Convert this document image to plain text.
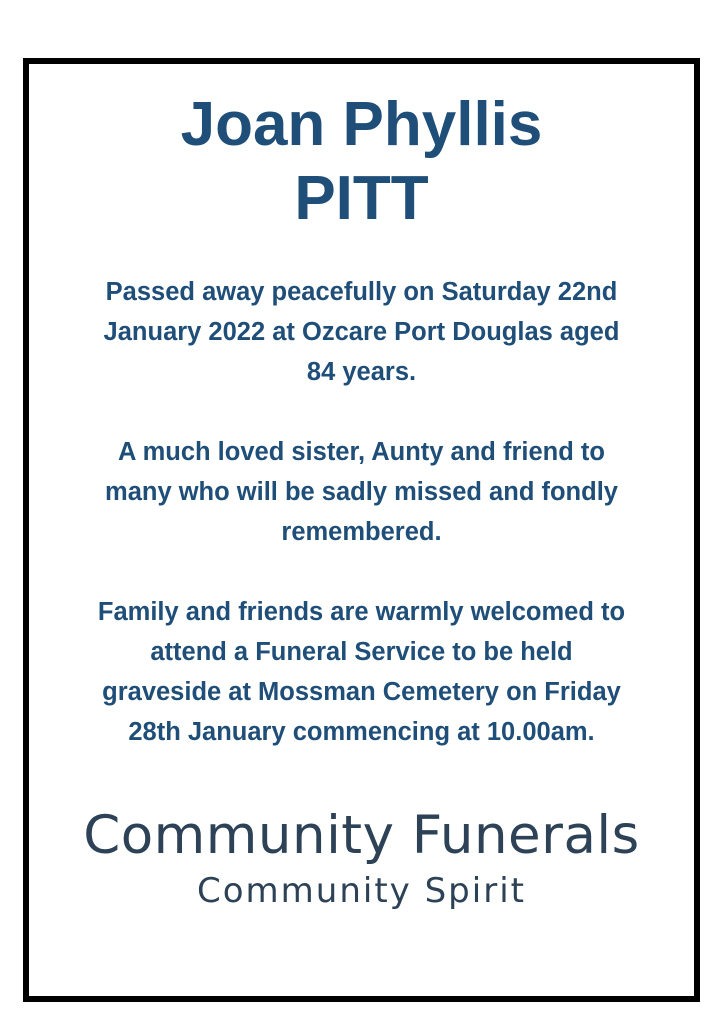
Joan Phyllis
PITT
Passed away peacefully on Saturday 22nd
January 2022 at Ozcare Port Douglas aged
84 years.
A much loved sister, Aunty and friend to
many who will be sadly missed and fondly
remembered.
Family and friends are warmly welcomed to
attend a Funeral Service to be held
graveside at Mossman Cemetery on Friday
28th January commencing at 10.00am.
Community Funerals
Community Spirit
